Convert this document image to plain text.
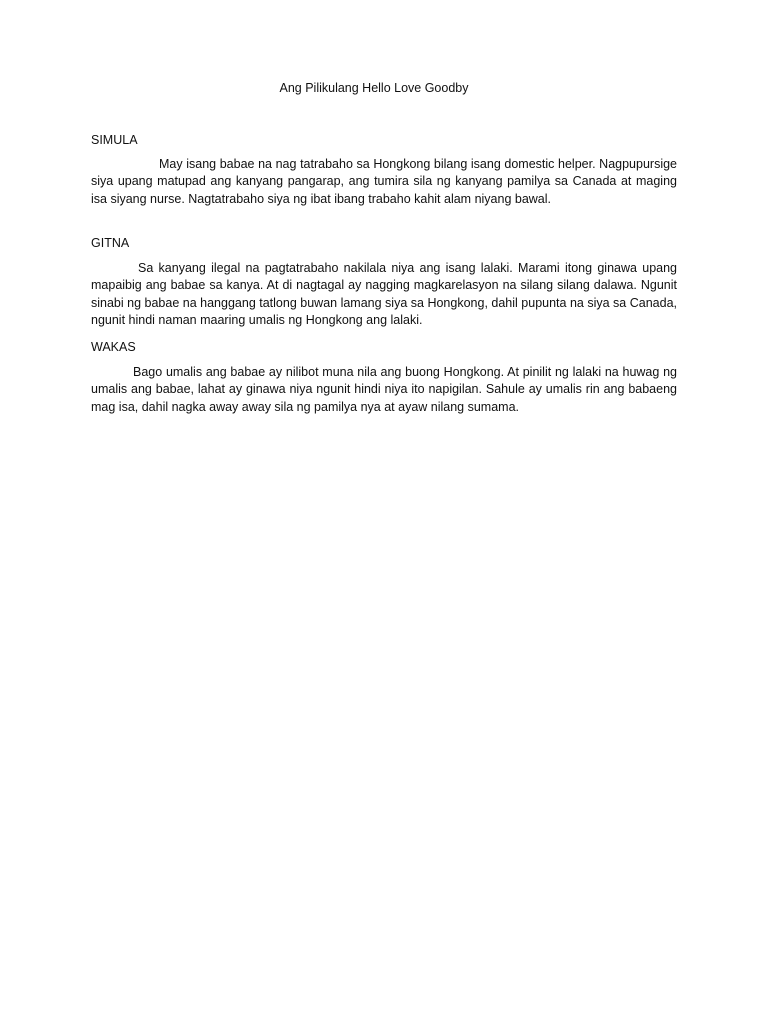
Ang Pilikulang Hello Love Goodby
SIMULA

May isang babae na nag tatrabaho sa Hongkong bilang isang domestic helper. Nagpupursige siya upang matupad ang kanyang pangarap, ang tumira sila ng kanyang pamilya sa Canada at maging isa siyang nurse. Nagtatrabaho siya ng ibat ibang trabaho kahit alam niyang bawal.

GITNA

Sa kanyang ilegal na pagtatrabaho nakilala niya ang isang lalaki. Marami itong ginawa upang mapaibig ang babae sa kanya. At di nagtagal ay nagging magkarelasyon na silang silang dalawa. Ngunit sinabi ng babae na hanggang tatlong buwan lamang siya sa Hongkong, dahil pupunta na siya sa Canada, ngunit hindi naman maaring umalis ng Hongkong ang lalaki.

WAKAS

Bago umalis ang babae ay nilibot muna nila ang buong Hongkong. At pinilit ng lalaki na huwag ng umalis ang babae, lahat ay ginawa niya ngunit hindi niya ito napigilan. Sahule ay umalis rin ang babaeng mag isa, dahil nagka away away sila ng pamilya nya at ayaw nilang sumama.
